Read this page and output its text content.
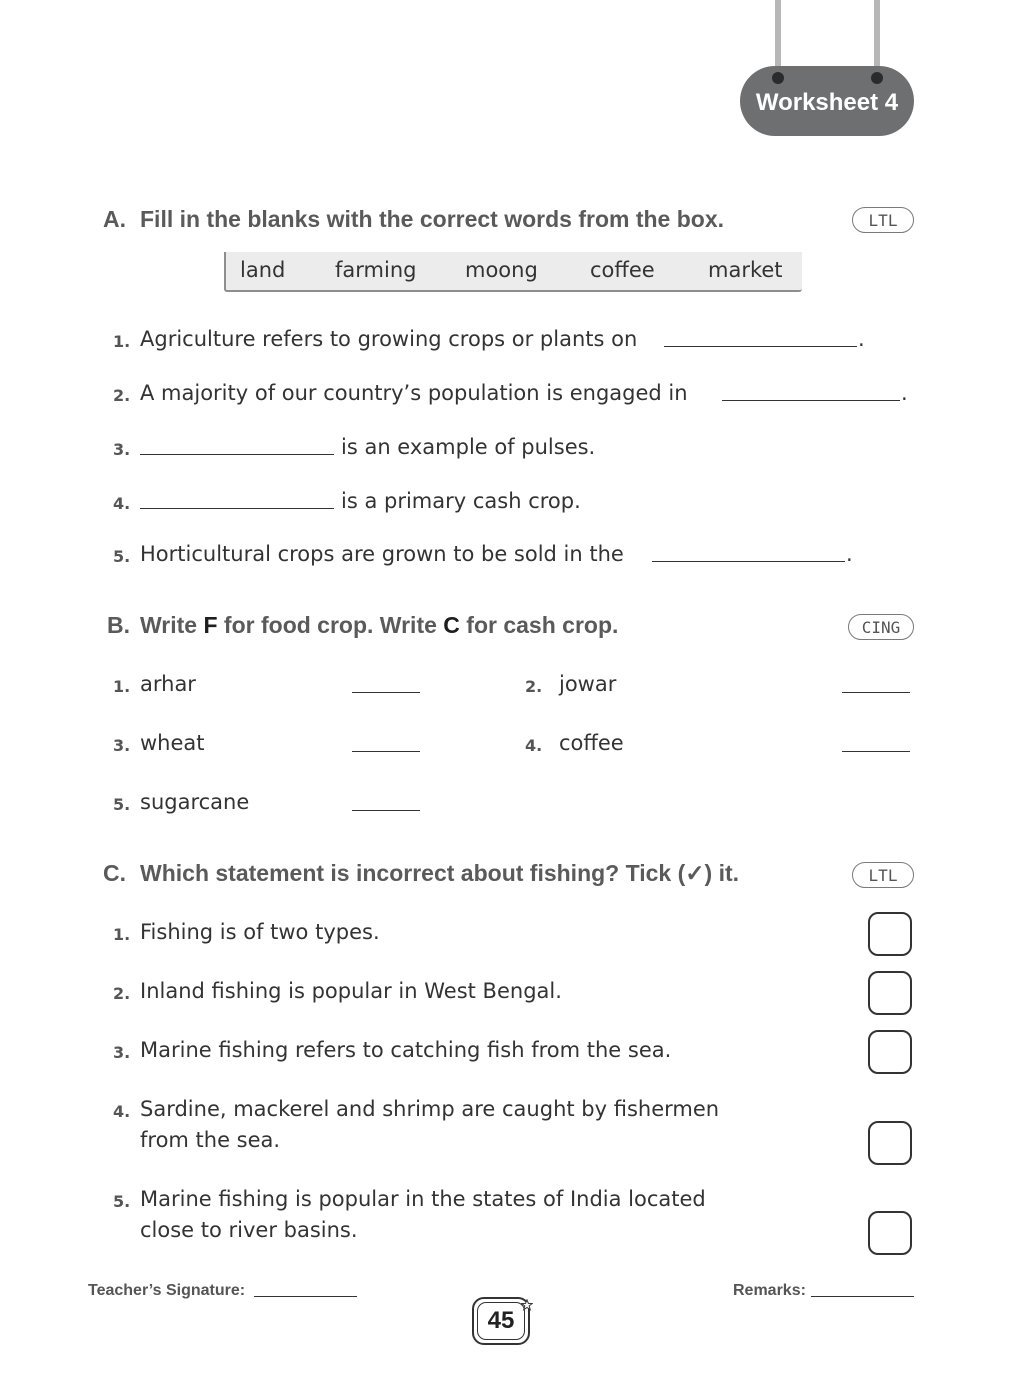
Worksheet 4
A. Fill in the blanks with the correct words from the box.	LTL
land farming moong coffee	market
1. Agriculture refers to growing crops or plants on	.
2. A majority of our country’s population is engaged in	.
3.	is an example of pulses.
4.	is a primary cash crop.
5. Horticultural crops are grown to be sold in the	.
B. Write F for food crop. Write C for cash crop.	CING
1. arhar	2. jowar
3. wheat	4. coffee
5. sugarcane
C. Which statement is incorrect about fishing? Tick (✓) it.	LTL
1. Fishing is of two types.
2. Inland fishing is popular in West Bengal.
3. Marine fishing refers to catching fish from the sea.
4. Sardine, mackerel and shrimp are caught by fishermen
from the sea.
5. Marine fishing is popular in the states of India located
close to river basins.
Teacher’s Signature:	Remarks:
45
